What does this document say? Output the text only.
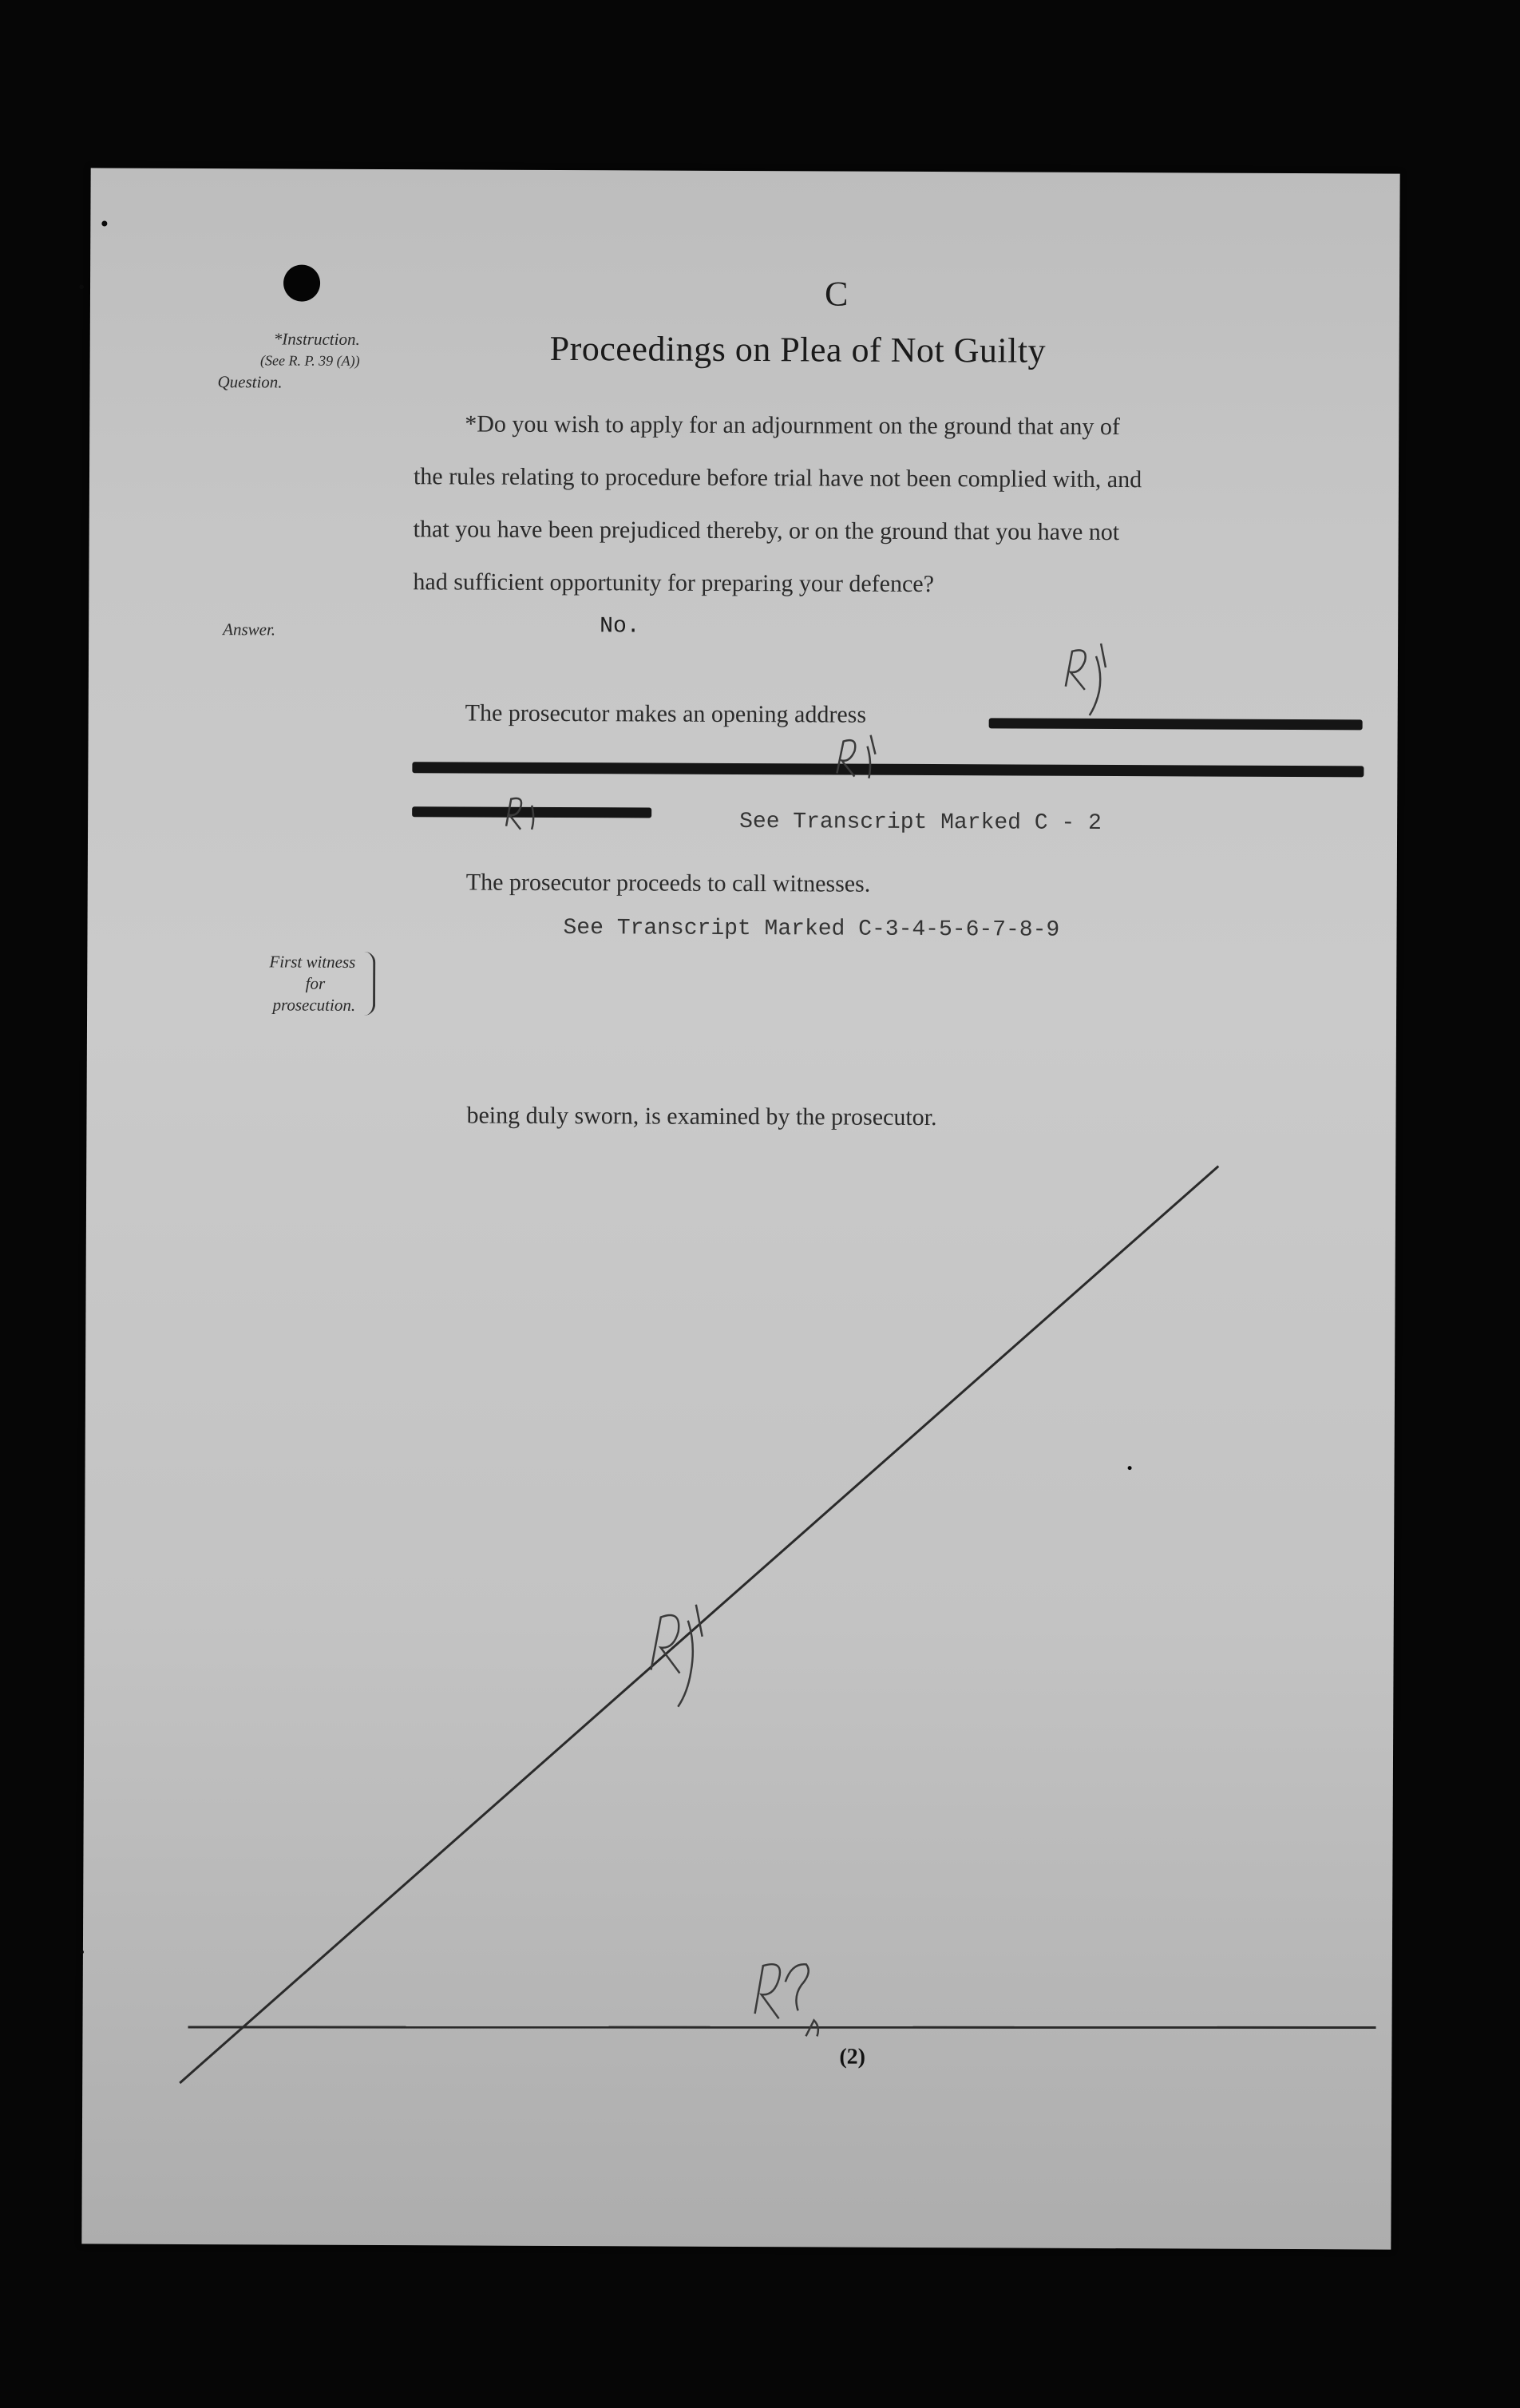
C
Proceedings on Plea of Not Guilty
*Instruction.

(See R. P. 39 (A))
Question.
*Do you wish to apply for an adjournment on the ground that any of
the rules relating to procedure before trial have not been complied with, and
that you have been prejudiced thereby, or on the ground that you have not
had sufficient opportunity for preparing your defence?
Answer.	No.
The prosecutor makes an opening address
See Transcript Marked C - 2
The prosecutor proceeds to call witnesses.
See Transcript Marked C-3-4-5-6-7-8-9
First witness
for
prosecution.
being duly sworn, is examined by the prosecutor.
(2)
